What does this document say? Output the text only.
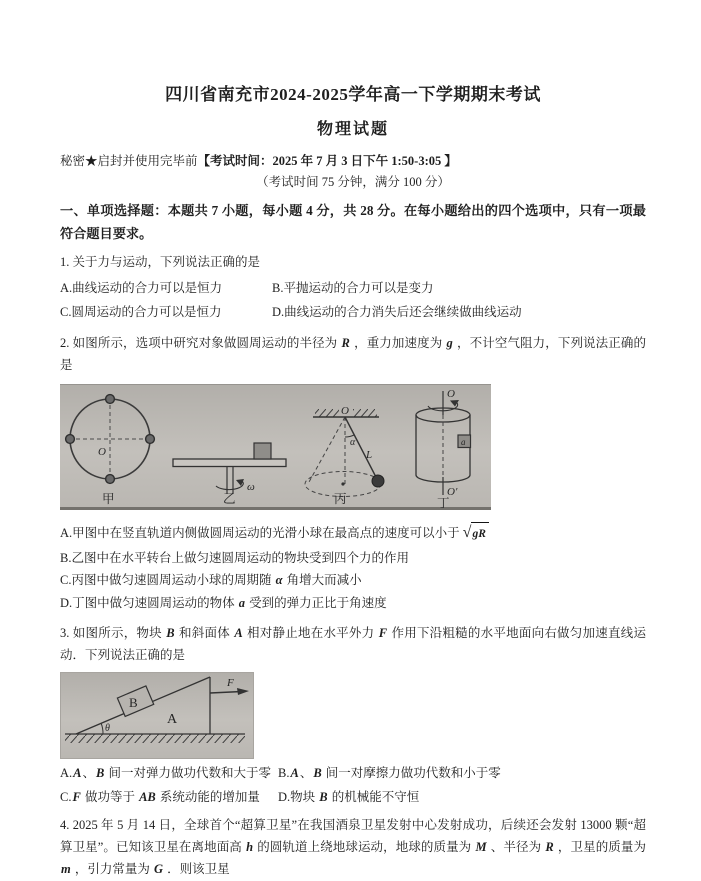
四川省南充市2024-2025学年高一下学期期末考试
物理试题
秘密★启封并使用完毕前【考试时间：2025 年 7 月 3 日下午 1:50-3:05 】
（考试时间 75 分钟，满分 100 分）
一、单项选择题：本题共 7 小题，每小题 4 分，共 28 分。在每小题给出的四个选项中，只有一项最符合题目要求。
1. 关于力与运动，下列说法正确的是
A.曲线运动的合力可以是恒力	B.平抛运动的合力可以是变力
C.圆周运动的合力可以是恒力	D.曲线运动的合力消失后还会继续做曲线运动
2. 如图所示，选项中研究对象做圆周运动的半径为 R ，重力加速度为 g ，不计空气阻力，下列说法正确的是
O
甲
ω
乙
O
α
L
丙
O
a
O′
丁
A.甲图中在竖直轨道内侧做圆周运动的光滑小球在最高点的速度可以小于 √gR
B.乙图中在水平转台上做匀速圆周运动的物块受到四个力的作用
C.丙图中做匀速圆周运动小球的周期随 α 角增大而减小
D.丁图中做匀速圆周运动的物体 a 受到的弹力正比于角速度
3. 如图所示，物块 B 和斜面体 A 相对静止地在水平外力 F 作用下沿粗糙的水平地面向右做匀加速直线运动．下列说法正确的是
B
A
θ
F
A.A、B 间一对弹力做功代数和大于零 B.A、B 间一对摩擦力做功代数和小于零
C.F 做功等于 AB 系统动能的增加量	D.物块 B 的机械能不守恒
4. 2025 年 5 月 14 日，全球首个“超算卫星”在我国酒泉卫星发射中心发射成功，后续还会发射 13000 颗“超算卫星”。已知该卫星在离地面高 h 的圆轨道上绕地球运动，地球的质量为 M 、半径为 R ，卫星的质量为 m ，引力常量为 G ．则该卫星
